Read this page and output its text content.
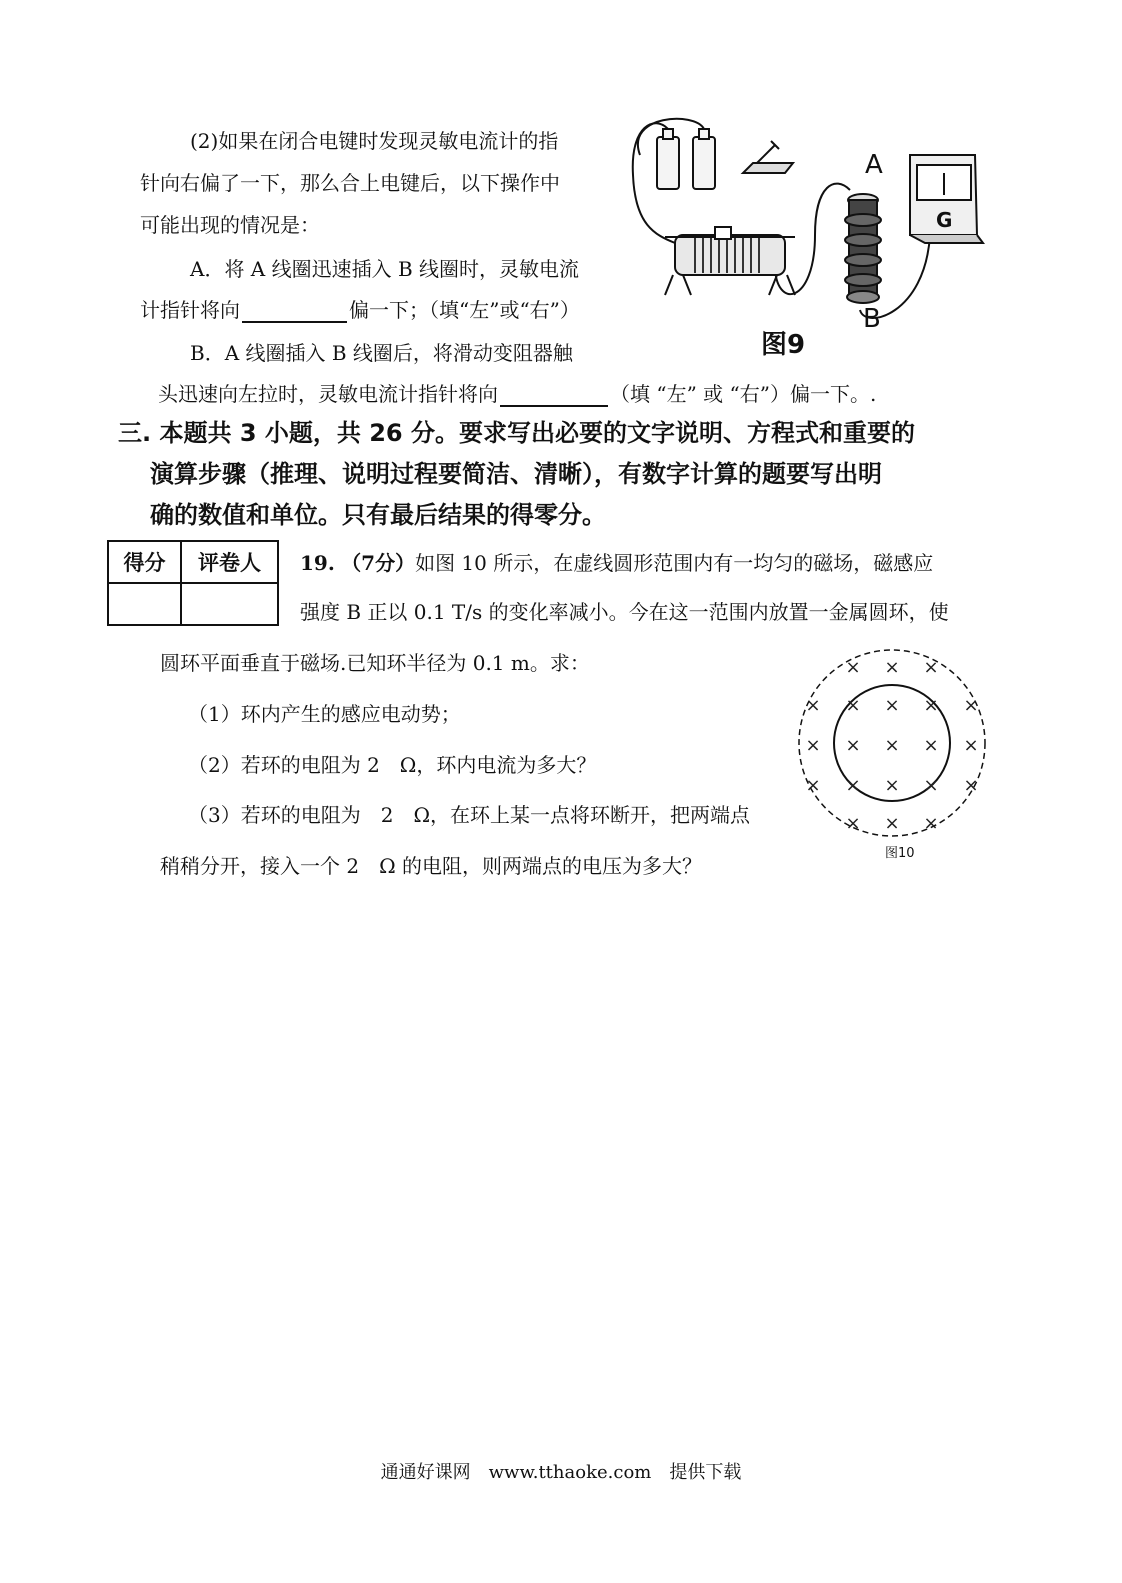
(2)如果在闭合电键时发现灵敏电流计的指
针向右偏了一下，那么合上电键后，以下操作中
可能出现的情况是：
A．将 A 线圈迅速插入 B 线圈时，灵敏电流
计指针将向	偏一下；（填“左”或“右”）
B．A 线圈插入 B 线圈后，将滑动变阻器触
头迅速向左拉时，灵敏电流计指针将向	（填 “左” 或 “右”）偏一下。.
A
B
G
图9
三. 本题共 3 小题，共 26 分。要求写出必要的文字说明、方程式和重要的
演算步骤（推理、说明过程要简洁、清晰），有数字计算的题要写出明
确的数值和单位。只有最后结果的得零分。
得分	评卷人
	19. （7分）如图 10 所示，在虚线圆形范围内有一均匀的磁场，磁感应
强度 B 正以 0.1 T/s 的变化率减小。今在这一范围内放置一金属圆环，使
圆环平面垂直于磁场.已知环半径为 0.1 m。求：
（1）环内产生的感应电动势；
（2）若环的电阻为 2　Ω，环内电流为多大？
（3）若环的电阻为　2　Ω，在环上某一点将环断开，把两端点
稍稍分开，接入一个 2　Ω 的电阻，则两端点的电压为多大？
× × ×
× × × × ×
× × × × ×
× × × × ×
× × ×
图10
通通好课网　www.tthaoke.com　提供下载
